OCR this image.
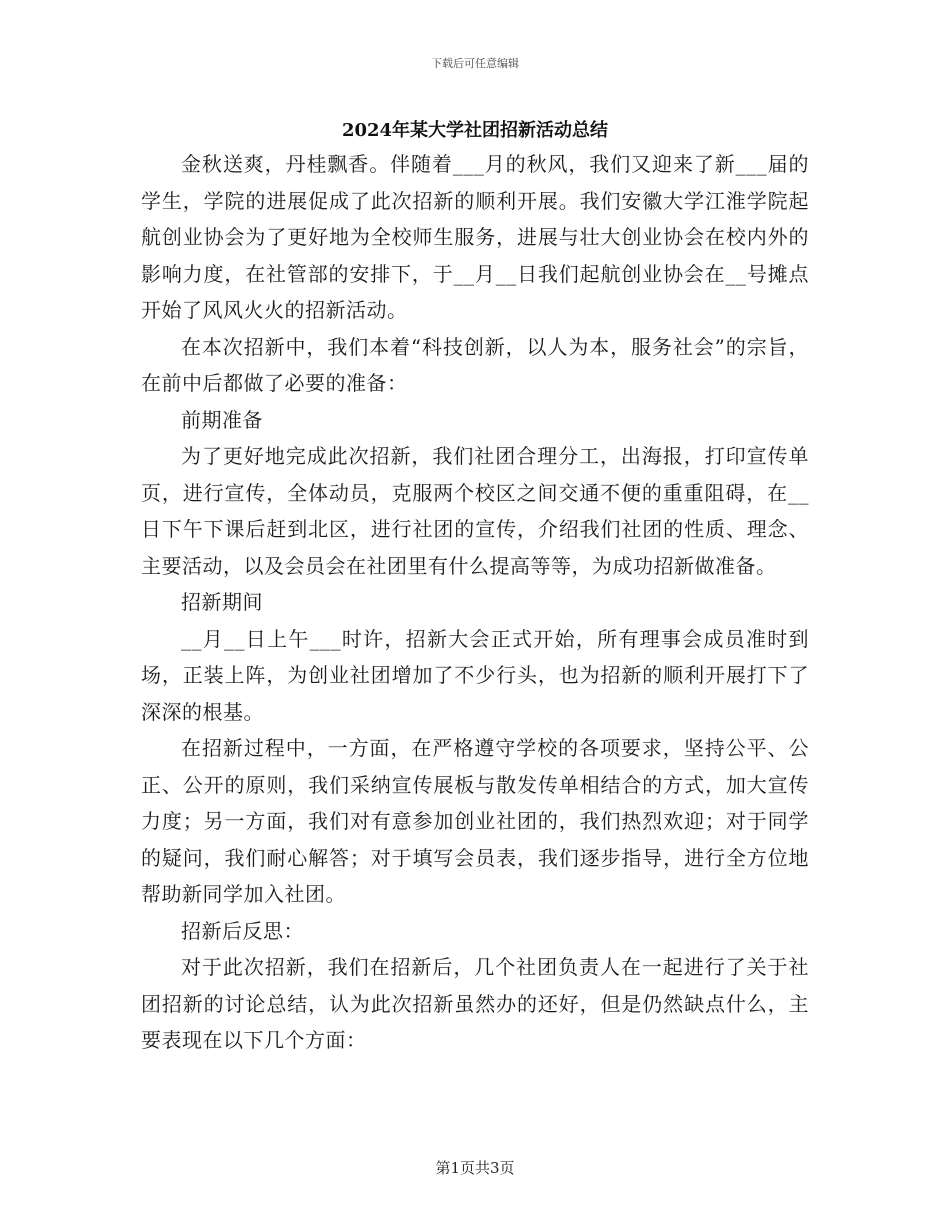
下载后可任意编辑
2024年某大学社团招新活动总结

金秋送爽，丹桂飘香。伴随着___月的秋风，我们又迎来了新___届的学生，学院的进展促成了此次招新的顺利开展。我们安徽大学江淮学院起航创业协会为了更好地为全校师生服务，进展与壮大创业协会在校内外的影响力度，在社管部的安排下，于__月__日我们起航创业协会在__号摊点开始了风风火火的招新活动。

在本次招新中，我们本着“科技创新，以人为本，服务社会”的宗旨，在前中后都做了必要的准备：

前期准备

为了更好地完成此次招新，我们社团合理分工，出海报，打印宣传单页，进行宣传，全体动员，克服两个校区之间交通不便的重重阻碍，在__日下午下课后赶到北区，进行社团的宣传，介绍我们社团的性质、理念、主要活动，以及会员会在社团里有什么提高等等，为成功招新做准备。

招新期间

__月__日上午___时许，招新大会正式开始，所有理事会成员准时到场，正装上阵，为创业社团增加了不少行头，也为招新的顺利开展打下了深深的根基。

在招新过程中，一方面，在严格遵守学校的各项要求，坚持公平、公正、公开的原则，我们采纳宣传展板与散发传单相结合的方式，加大宣传力度；另一方面，我们对有意参加创业社团的，我们热烈欢迎；对于同学的疑问，我们耐心解答；对于填写会员表，我们逐步指导，进行全方位地帮助新同学加入社团。

招新后反思：

对于此次招新，我们在招新后，几个社团负责人在一起进行了关于社团招新的讨论总结，认为此次招新虽然办的还好，但是仍然缺点什么，主要表现在以下几个方面：

第1页共3页
